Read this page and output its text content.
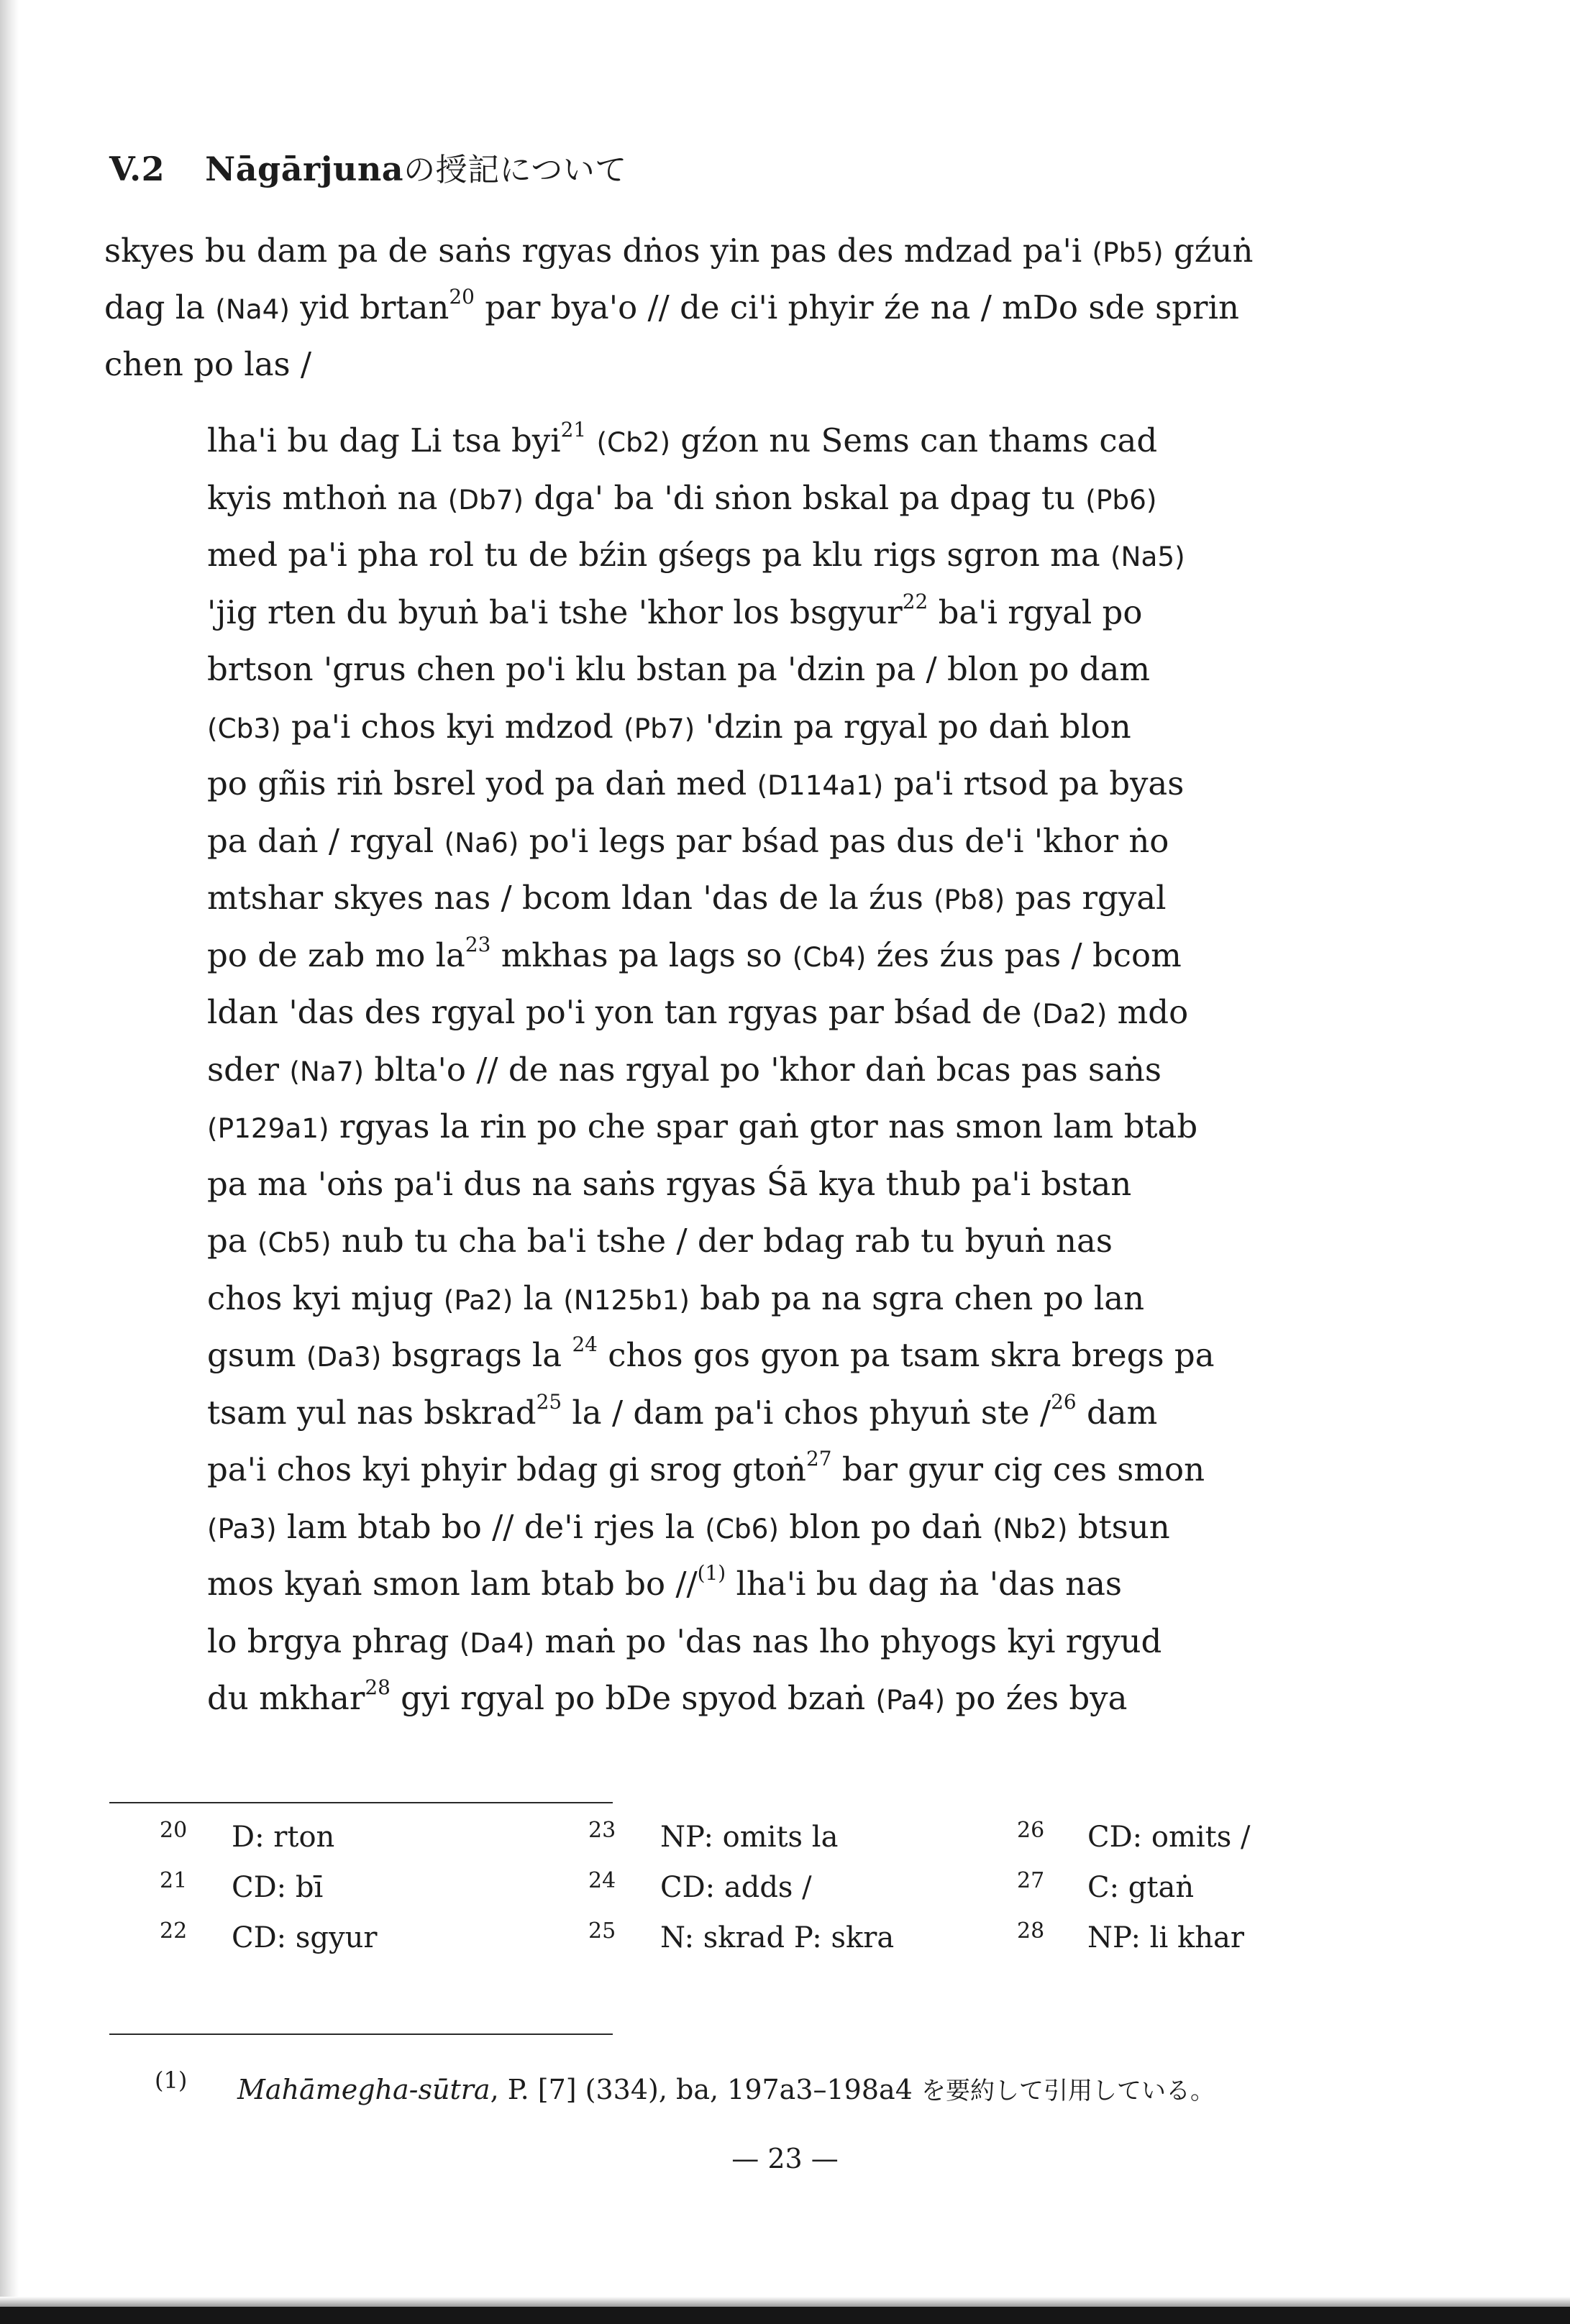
V.2 Nāgārjunaの授記について
skyes bu dam pa de saṅs rgyas dṅos yin pas des mdzad pa'i (Pb5) gźuṅ
dag la (Na4) yid brtan$^{20}$ par bya'o // de ci'i phyir źe na / mDo sde sprin
chen po las /
lha'i bu dag Li tsa byi$^{21}$ (Cb2) gźon nu Sems can thams cad
kyis mthoṅ na (Db7) dga' ba 'di sṅon bskal pa dpag tu (Pb6)
med pa'i pha rol tu de bźin gśegs pa klu rigs sgron ma (Na5)
'jig rten du byuṅ ba'i tshe 'khor los bsgyur$^{22}$ ba'i rgyal po
brtson 'grus chen po'i klu bstan pa 'dzin pa / blon po dam
(Cb3) pa'i chos kyi mdzod (Pb7) 'dzin pa rgyal po daṅ blon
po gñis riṅ bsrel yod pa daṅ med (D114a1) pa'i rtsod pa byas
pa daṅ / rgyal (Na6) po'i legs par bśad pas dus de'i 'khor ṅo
mtshar skyes nas / bcom ldan 'das de la źus (Pb8) pas rgyal
po de zab mo $la^{23}$ mkhas pa lags so (Cb4) źes źus pas / bcom
ldan 'das des rgyal po'i yon tan rgyas par bśad de (Da2) mdo
sder (Na7) blta'o // de nas rgyal po 'khor daṅ bcas pas saṅs
(P129a1) rgyas la rin po che spar gaṅ gtor nas smon lam btab
pa ma 'oṅs pa'i dus na saṅs rgyas Śā kya thub pa'i bstan
pa (Cb5) nub tu cha ba'i tshe / der bdag rab tu byuṅ nas
chos kyi mjug (Pa2) la (N125b1) bab pa na sgra chen po lan
gsum (Da3) bsgrags la $^{24}$ chos gos gyon pa tsam skra bregs pa
tsam yul nas bskrad$^{25}$ la / dam pa'i chos phyuṅ ste /$^{26}$ dam
pa'i chos kyi phyir bdag gi srog gtoṅ$^{27}$ bar gyur cig ces smon
(Pa3) lam btab bo // de'i rjes la (Cb6) blon po daṅ (Nb2) btsun
mos kyaṅ smon lam btab bo //$^{(1)}$ lha'i bu dag ṅa 'das nas
lo brgya phrag (Da4) maṅ po 'das nas lho phyogs kyi rgyud
du mkhar$^{28}$ gyi rgyal po bDe spyod bzaṅ (Pa4) po źes bya
20 D: rton
21 CD: bī
22 CD: sgyur
23 NP: omits la
24 CD: adds /
25 N: skrad P: skra
26 CD: omits /
27 C: gtaṅ
28 NP: li khar
(1) Mahāmegha-sūtra, P. [7] (334), ba, 197a3–198a4 を要約して引用している。
— 23 —
